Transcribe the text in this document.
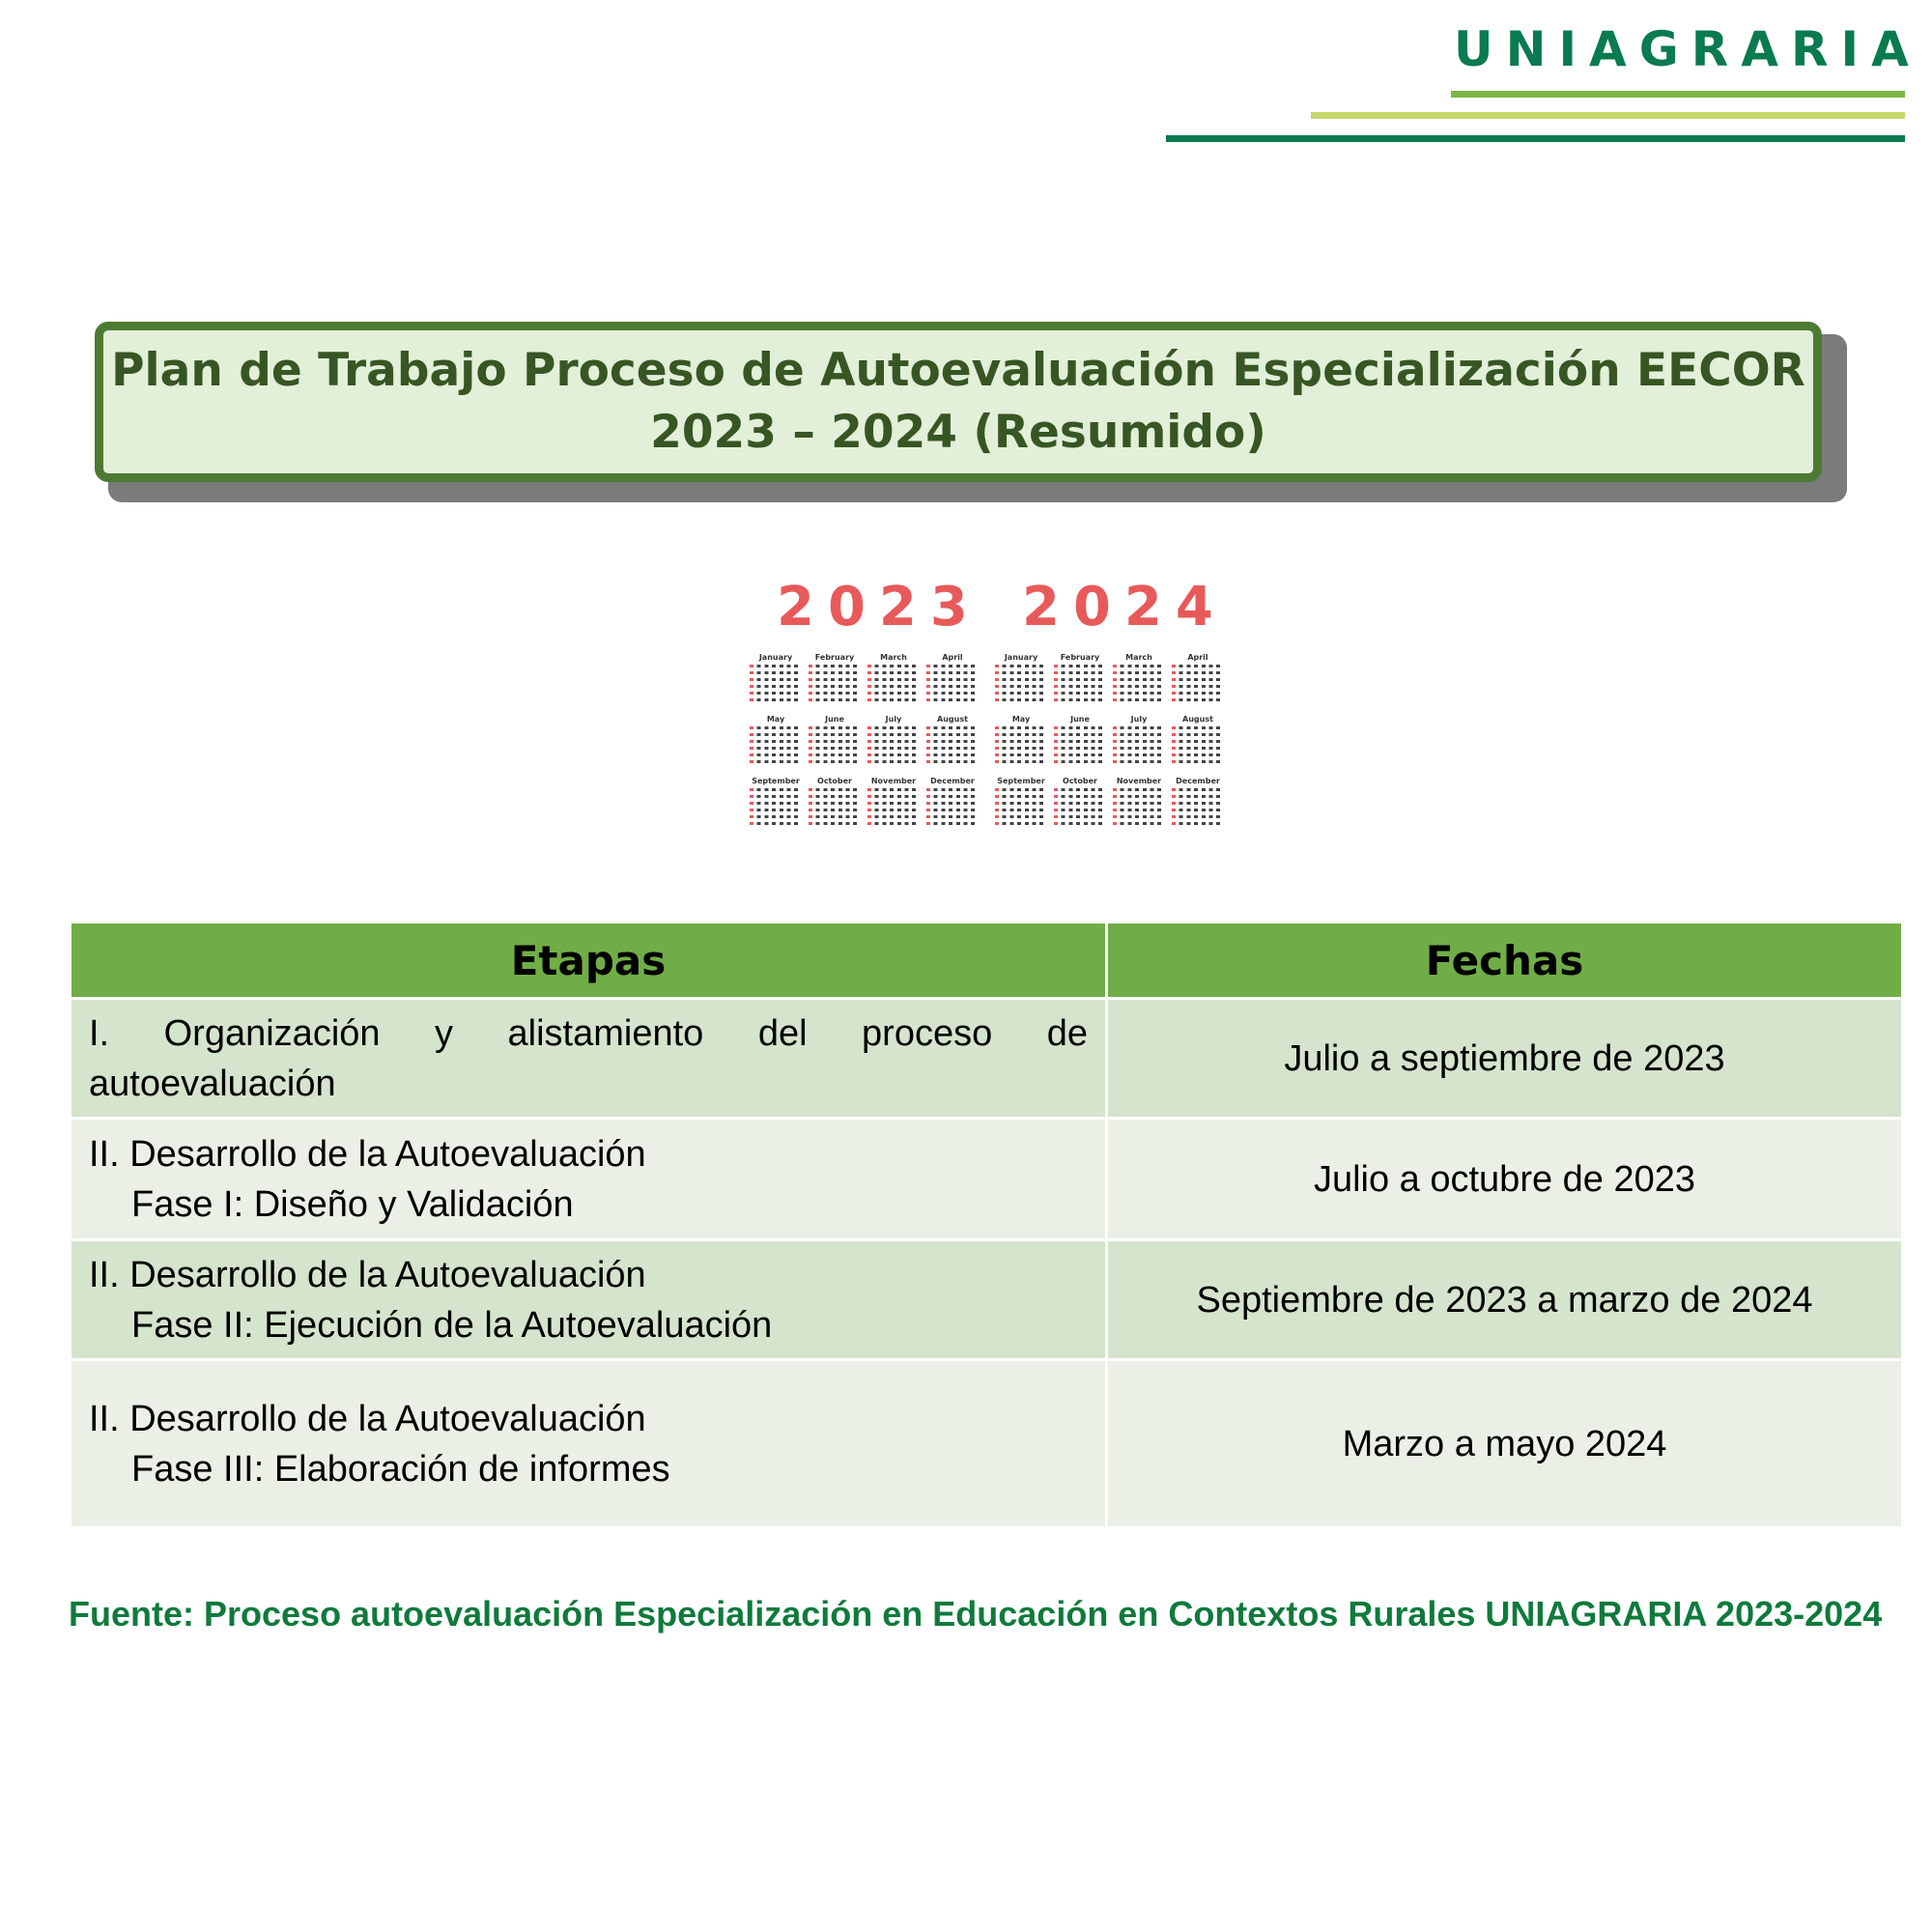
UNIAGRARIA
Plan de Trabajo Proceso de Autoevaluación Especialización EECOR
2023 – 2024 (Resumido)
2023 2024
January	February	March	April
May	June	July	August
September	October	November	December
January	February	March	April
May	June	July	August
September	October	November	December
Etapas	Fechas

I. Organización y alistamiento del proceso de
autoevaluación	Julio a septiembre de 2023

II. Desarrollo de la Autoevaluación
Fase I: Diseño y Validación	Julio a octubre de 2023

II. Desarrollo de la Autoevaluación
Fase II: Ejecución de la Autoevaluación	Septiembre de 2023 a marzo de 2024

II. Desarrollo de la Autoevaluación
Fase III: Elaboración de informes	Marzo a mayo 2024
Fuente: Proceso autoevaluación Especialización en Educación en Contextos Rurales UNIAGRARIA 2023-2024
